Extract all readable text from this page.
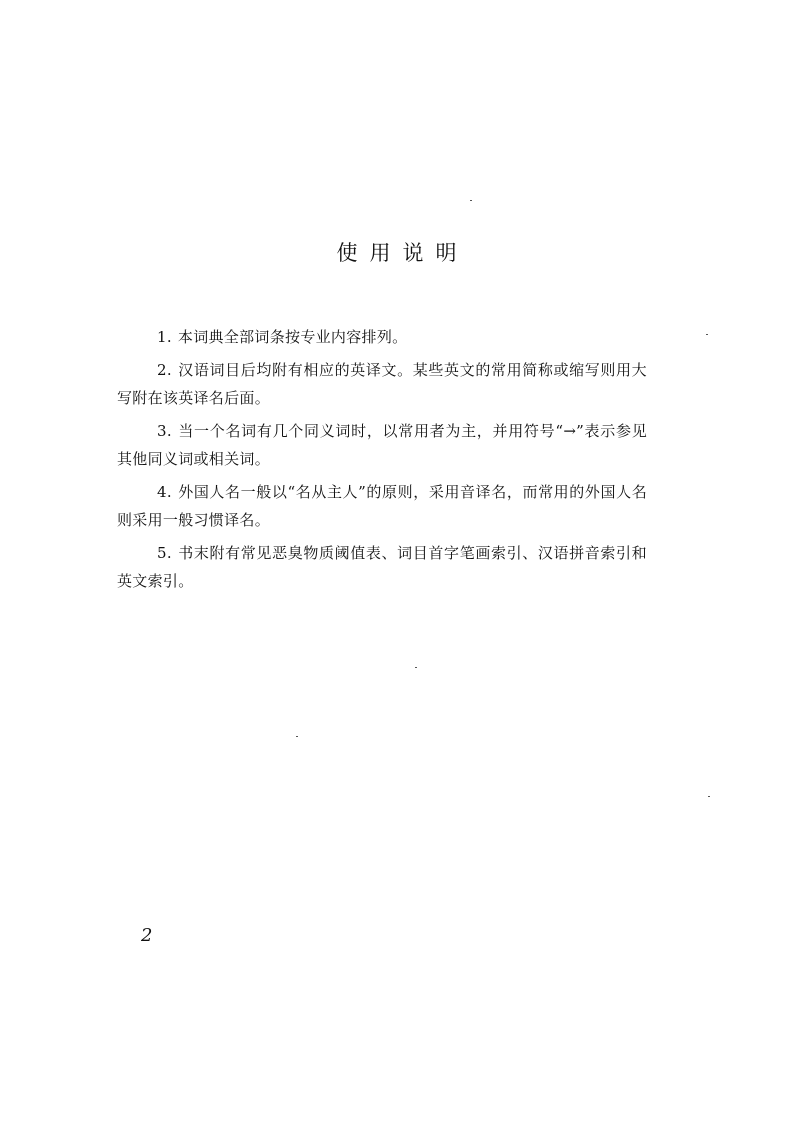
使用说明

1. 本词典全部词条按专业内容排列。

2. 汉语词目后均附有相应的英译文。某些英文的常用简称或缩写则用大写附在该英译名后面。

3. 当一个名词有几个同义词时，以常用者为主，并用符号“→”表示参见其他同义词或相关词。

4. 外国人名一般以“名从主人”的原则，采用音译名，而常用的外国人名则采用一般习惯译名。

5. 书末附有常见恶臭物质阈值表、词目首字笔画索引、汉语拼音索引和英文索引。

2
